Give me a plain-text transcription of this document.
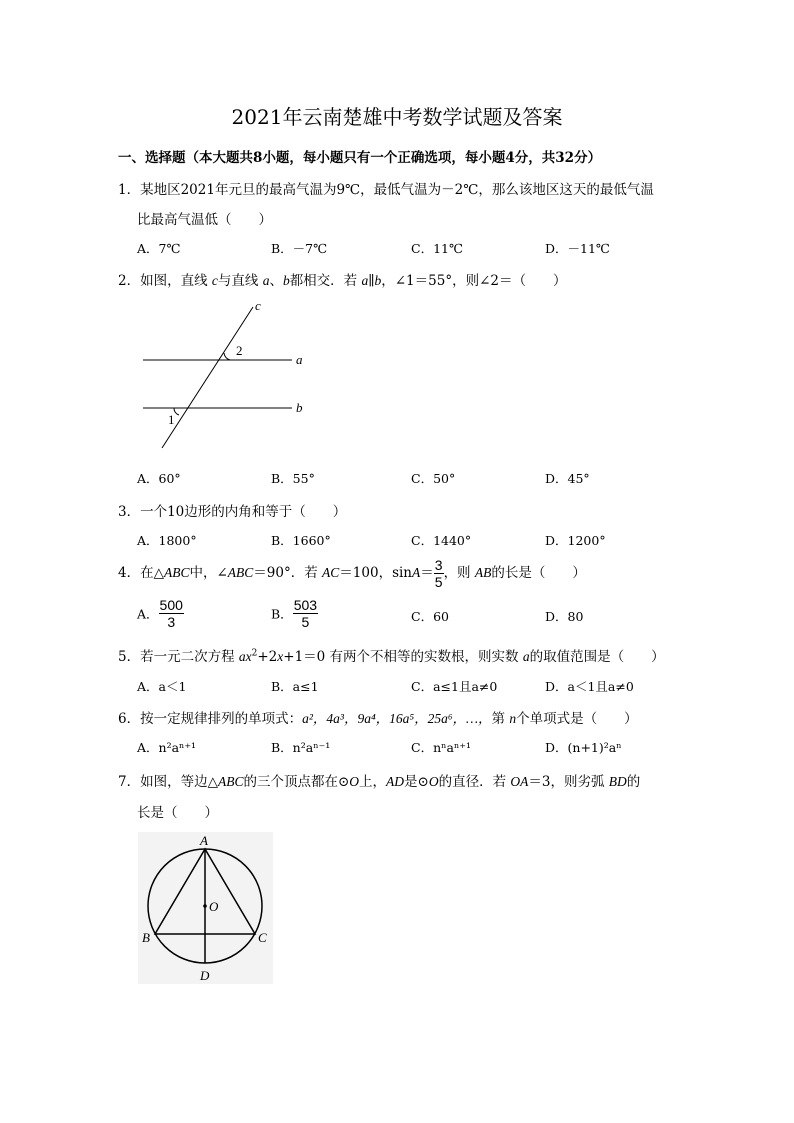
2021年云南楚雄中考数学试题及答案
一、选择题（本大题共8小题，每小题只有一个正确选项，每小题4分，共32分）
1．某地区2021年元旦的最高气温为9℃，最低气温为－2℃，那么该地区这天的最低气温
比最高气温低（　　）
A．7℃	B．－7℃	C．11℃	D．－11℃
2．如图，直线 c与直线 a、b都相交．若 a∥b，∠1＝55°，则∠2＝（　　）
c
a
b
2
1
A．60°	B．55°	C．50°	D．45°
3．一个10边形的内角和等于（　　）
A．1800°	B．1660°	C．1440°	D．1200°
4．在△ABC中，∠ABC＝90°．若 AC＝100，$\sin A= \frac{3}{5}$ ，则 AB的长是（　　）
A． $\frac{500}{3}$	B． $\frac{503}{5}$	C．60	D．80
5．若一元二次方程 $ax^2+2x+1=0$ 有两个不相等的实数根，则实数 a的取值范围是（　　）
A．a＜1	B．a≤1	C．a≤1且a≠0	D．a＜1且a≠0
6．按一定规律排列的单项式：a²，4a³，9a⁴，16a⁵，25a⁶，…，第 n个单项式是（　　）
A．n²aⁿ⁺¹	B．n²aⁿ⁻¹	C．nⁿaⁿ⁺¹	D．(n+1)²aⁿ
7．如图，等边△ABC的三个顶点都在⊙O上，AD是⊙O的直径．若 OA＝3，则劣弧 BD的
长是（　　）
A
B	C
D
O
